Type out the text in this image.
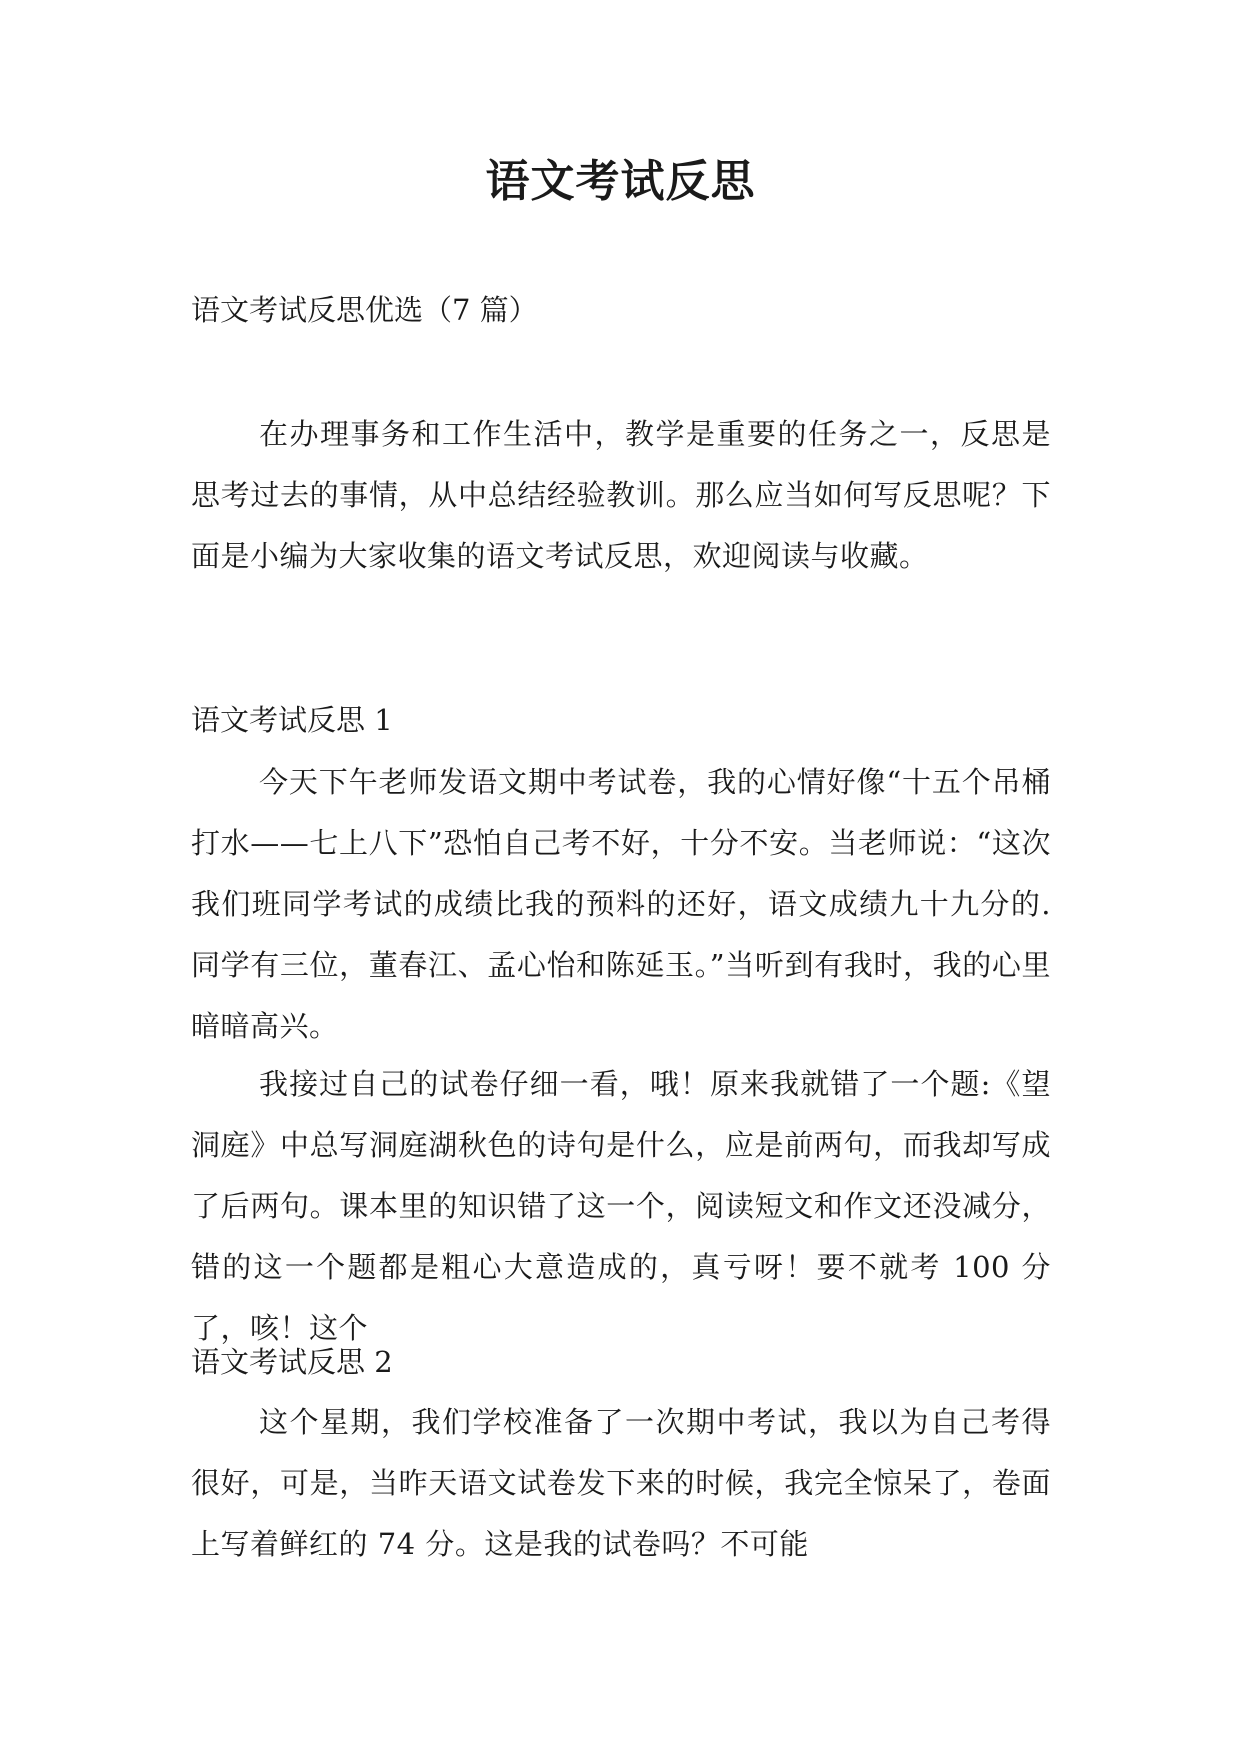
语文考试反思
语文考试反思优选（7 篇）
在办理事务和工作生活中，教学是重要的任务之一，反思是思考过去的事情，从中总结经验教训。那么应当如何写反思呢？下面是小编为大家收集的语文考试反思，欢迎阅读与收藏。
语文考试反思 1
今天下午老师发语文期中考试卷，我的心情好像“十五个吊桶打水——七上八下”恐怕自己考不好，十分不安。当老师说：“这次我们班同学考试的成绩比我的预料的还好，语文成绩九十九分的.同学有三位，董春江、孟心怡和陈延玉。”当听到有我时，我的心里暗暗高兴。
我接过自己的试卷仔细一看，哦！原来我就错了一个题:《望洞庭》中总写洞庭湖秋色的诗句是什么，应是前两句，而我却写成了后两句。课本里的知识错了这一个，阅读短文和作文还没减分，错的这一个题都是粗心大意造成的，真亏呀！要不就考 100 分了，咳！这个
语文考试反思 2
这个星期，我们学校准备了一次期中考试，我以为自己考得很好，可是，当昨天语文试卷发下来的时候，我完全惊呆了，卷面上写着鲜红的 74 分。这是我的试卷吗？不可能
